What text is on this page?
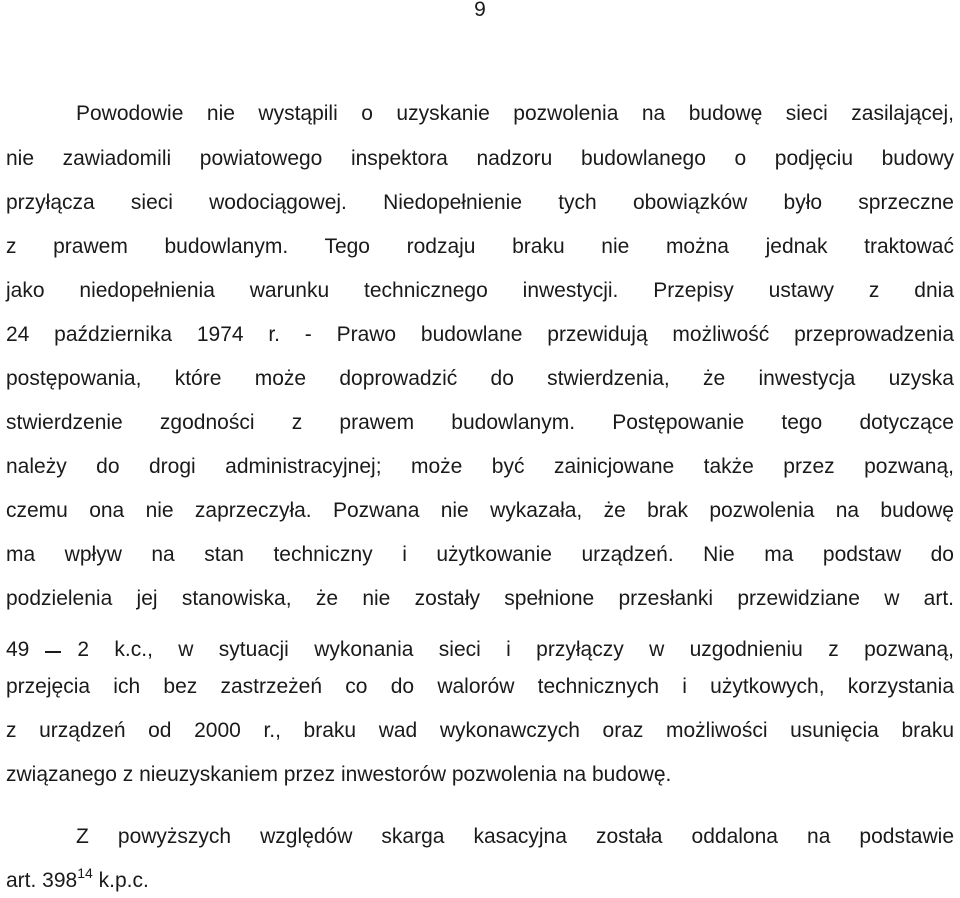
9
Powodowie nie wystąpili o uzyskanie pozwolenia na budowę sieci zasilającej,
nie zawiadomili powiatowego inspektora nadzoru budowlanego o podjęciu budowy
przyłącza sieci wodociągowej. Niedopełnienie tych obowiązków było sprzeczne
z prawem budowlanym. Tego rodzaju braku nie można jednak traktować
jako niedopełnienia warunku technicznego inwestycji. Przepisy ustawy z dnia
24 października 1974 r. - Prawo budowlane przewidują możliwość przeprowadzenia
postępowania, które może doprowadzić do stwierdzenia, że inwestycja uzyska
stwierdzenie zgodności z prawem budowlanym. Postępowanie tego dotyczące
należy do drogi administracyjnej; może być zainicjowane także przez pozwaną,
czemu ona nie zaprzeczyła. Pozwana nie wykazała, że brak pozwolenia na budowę
ma wpływ na stan techniczny i użytkowanie urządzeń. Nie ma podstaw do
podzielenia jej stanowiska, że nie zostały spełnione przesłanki przewidziane w art.
49 2 k.c., w sytuacji wykonania sieci i przyłączy w uzgodnieniu z pozwaną,
przejęcia ich bez zastrzeżeń co do walorów technicznych i użytkowych, korzystania
z urządzeń od 2000 r., braku wad wykonawczych oraz możliwości usunięcia braku
związanego z nieuzyskaniem przez inwestorów pozwolenia na budowę.
Z powyższych względów skarga kasacyjna została oddalona na podstawie
art. 398$^{14}$ k.p.c.
